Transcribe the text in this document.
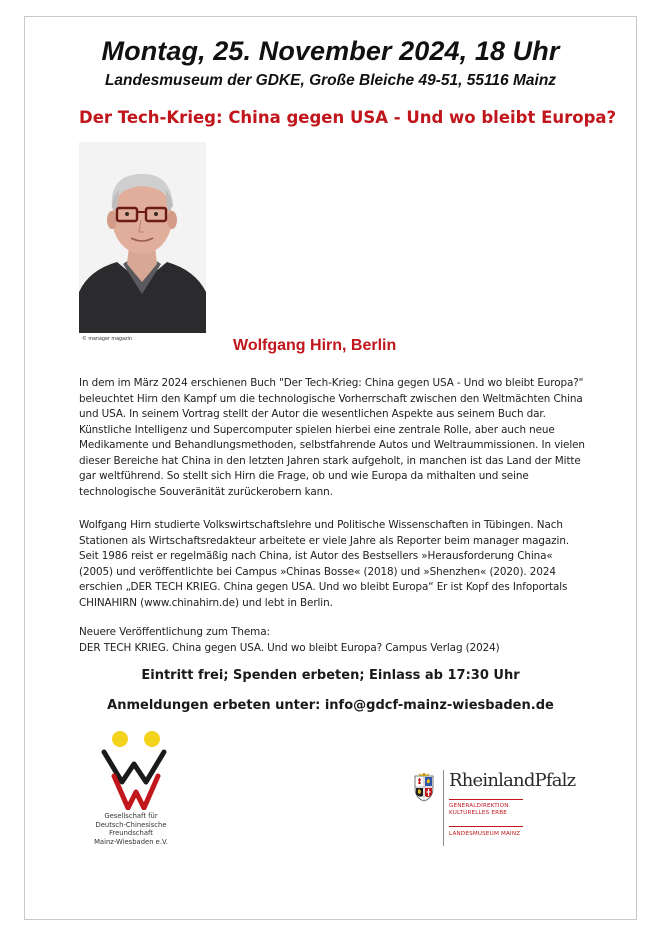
Montag, 25. November 2024, 18 Uhr
Landesmuseum der GDKE, Große Bleiche 49-51, 55116 Mainz
Der Tech-Krieg: China gegen USA - Und wo bleibt Europa?
© manager magazin	Wolfgang Hirn, Berlin
In dem im März 2024 erschienen Buch "Der Tech-Krieg: China gegen USA - Und wo bleibt Europa?" beleuchtet Hirn den Kampf um die technologische Vorherrschaft zwischen den Weltmächten China und USA. In seinem Vortrag stellt der Autor die wesentlichen Aspekte aus seinem Buch dar. Künstliche Intelligenz und Supercomputer spielen hierbei eine zentrale Rolle, aber auch neue Medikamente und Behandlungsmethoden, selbstfahrende Autos und Weltraummissionen. In vielen dieser Bereiche hat China in den letzten Jahren stark aufgeholt, in manchen ist das Land der Mitte gar weltführend. So stellt sich Hirn die Frage, ob und wie Europa da mithalten und seine technologische Souveränität zurückerobern kann.
Wolfgang Hirn studierte Volkswirtschaftslehre und Politische Wissenschaften in Tübingen. Nach Stationen als Wirtschaftsredakteur arbeitete er viele Jahre als Reporter beim manager magazin. Seit 1986 reist er regelmäßig nach China, ist Autor des Bestsellers »Herausforderung China« (2005) und veröffentlichte bei Campus »Chinas Bosse« (2018) und »Shenzhen« (2020). 2024 erschien „DER TECH KRIEG. China gegen USA. Und wo bleibt Europa“ Er ist Kopf des Infoportals CHINAHIRN (www.chinahirn.de) und lebt in Berlin.
Neuere Veröffentlichung zum Thema:
DER TECH KRIEG. China gegen USA. Und wo bleibt Europa? Campus Verlag (2024)
Eintritt frei; Spenden erbeten; Einlass ab 17:30 Uhr
Anmeldungen erbeten unter: info@gdcf-mainz-wiesbaden.de
Gesellschaft für
Deutsch-Chinesische
Freundschaft
Mainz-Wiesbaden e.V.
RheinlandPfalz
GENERALDIREKTION
KULTURELLES ERBE
LANDESMUSEUM MAINZ
